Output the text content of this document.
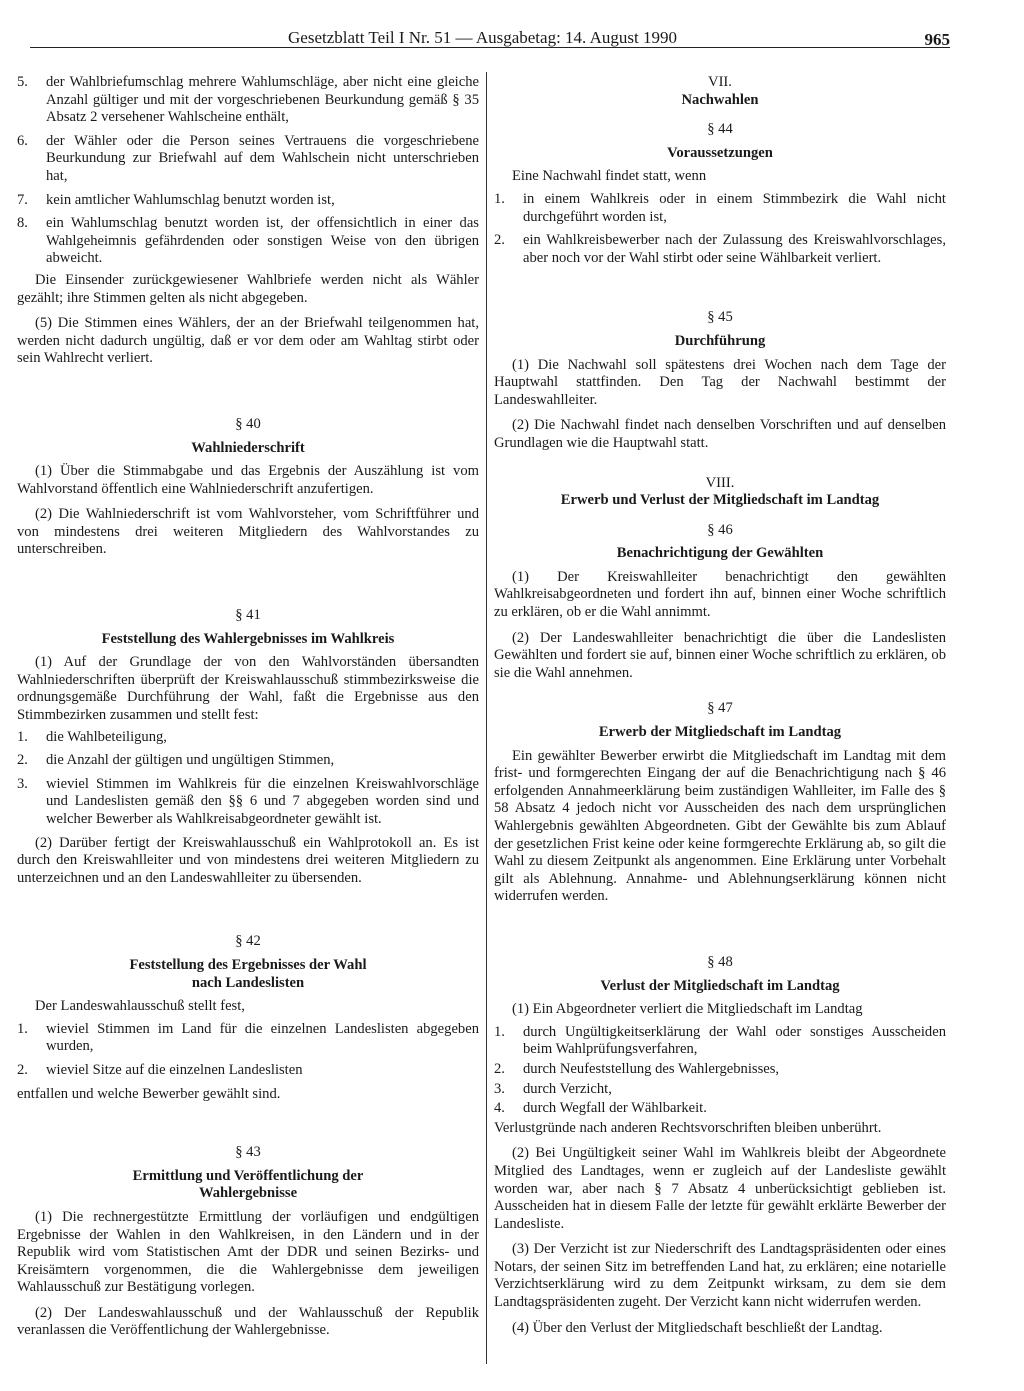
Gesetzblatt Teil I Nr. 51 — Ausgabetag: 14. August 1990	965
5. der Wahlbriefumschlag mehrere Wahlumschläge, aber nicht eine gleiche Anzahl gültiger und mit der vorgeschriebenen Beurkundung gemäß § 35 Absatz 2 versehener Wahlscheine enthält,
6. der Wähler oder die Person seines Vertrauens die vorgeschriebene Beurkundung zur Briefwahl auf dem Wahlschein nicht unterschrieben hat,
7. kein amtlicher Wahlumschlag benutzt worden ist,
8. ein Wahlumschlag benutzt worden ist, der offensichtlich in einer das Wahlgeheimnis gefährdenden oder sonstigen Weise von den übrigen abweicht.

Die Einsender zurückgewiesener Wahlbriefe werden nicht als Wähler gezählt; ihre Stimmen gelten als nicht abgegeben.

(5) Die Stimmen eines Wählers, der an der Briefwahl teilgenommen hat, werden nicht dadurch ungültig, daß er vor dem oder am Wahltag stirbt oder sein Wahlrecht verliert.

§ 40

Wahlniederschrift

(1) Über die Stimmabgabe und das Ergebnis der Auszählung ist vom Wahlvorstand öffentlich eine Wahlniederschrift anzufertigen.

(2) Die Wahlniederschrift ist vom Wahlvorsteher, vom Schriftführer und von mindestens drei weiteren Mitgliedern des Wahlvorstandes zu unterschreiben.

§ 41

Feststellung des Wahlergebnisses im Wahlkreis

(1) Auf der Grundlage der von den Wahlvorständen übersandten Wahlniederschriften überprüft der Kreiswahlausschuß stimmbezirksweise die ordnungsgemäße Durchführung der Wahl, faßt die Ergebnisse aus den Stimmbezirken zusammen und stellt fest:

1. die Wahlbeteiligung,
2. die Anzahl der gültigen und ungültigen Stimmen,
3. wieviel Stimmen im Wahlkreis für die einzelnen Kreiswahlvorschläge und Landeslisten gemäß den §§ 6 und 7 abgegeben worden sind und welcher Bewerber als Wahlkreisabgeordneter gewählt ist.

(2) Darüber fertigt der Kreiswahlausschuß ein Wahlprotokoll an. Es ist durch den Kreiswahlleiter und von mindestens drei weiteren Mitgliedern zu unterzeichnen und an den Landeswahlleiter zu übersenden.

§ 42

Feststellung des Ergebnisses der Wahl

nach Landeslisten

Der Landeswahlausschuß stellt fest,

1. wieviel Stimmen im Land für die einzelnen Landeslisten abgegeben wurden,
2. wieviel Sitze auf die einzelnen Landeslisten

entfallen und welche Bewerber gewählt sind.

§ 43

Ermittlung und Veröffentlichung der

Wahlergebnisse

(1) Die rechnergestützte Ermittlung der vorläufigen und endgültigen Ergebnisse der Wahlen in den Wahlkreisen, in den Ländern und in der Republik wird vom Statistischen Amt der DDR und seinen Bezirks- und Kreisämtern vorgenommen, die die Wahlergebnisse dem jeweiligen Wahlausschuß zur Bestätigung vorlegen.

(2) Der Landeswahlausschuß und der Wahlausschuß der Republik veranlassen die Veröffentlichung der Wahlergebnisse.

VII.

Nachwahlen

§ 44

Voraussetzungen

Eine Nachwahl findet statt, wenn

1. in einem Wahlkreis oder in einem Stimmbezirk die Wahl nicht durchgeführt worden ist,
2. ein Wahlkreisbewerber nach der Zulassung des Kreiswahlvorschlages, aber noch vor der Wahl stirbt oder seine Wählbarkeit verliert.

§ 45

Durchführung

(1) Die Nachwahl soll spätestens drei Wochen nach dem Tage der Hauptwahl stattfinden. Den Tag der Nachwahl bestimmt der Landeswahlleiter.

(2) Die Nachwahl findet nach denselben Vorschriften und auf denselben Grundlagen wie die Hauptwahl statt.

VIII.

Erwerb und Verlust der Mitgliedschaft im Landtag

§ 46

Benachrichtigung der Gewählten

(1) Der Kreiswahlleiter benachrichtigt den gewählten Wahlkreisabgeordneten und fordert ihn auf, binnen einer Woche schriftlich zu erklären, ob er die Wahl annimmt.

(2) Der Landeswahlleiter benachrichtigt die über die Landeslisten Gewählten und fordert sie auf, binnen einer Woche schriftlich zu erklären, ob sie die Wahl annehmen.

§ 47

Erwerb der Mitgliedschaft im Landtag

Ein gewählter Bewerber erwirbt die Mitgliedschaft im Landtag mit dem frist- und formgerechten Eingang der auf die Benachrichtigung nach § 46 erfolgenden Annahmeerklärung beim zuständigen Wahlleiter, im Falle des § 58 Absatz 4 jedoch nicht vor Ausscheiden des nach dem ursprünglichen Wahlergebnis gewählten Abgeordneten. Gibt der Gewählte bis zum Ablauf der gesetzlichen Frist keine oder keine formgerechte Erklärung ab, so gilt die Wahl zu diesem Zeitpunkt als angenommen. Eine Erklärung unter Vorbehalt gilt als Ablehnung. Annahme- und Ablehnungserklärung können nicht widerrufen werden.

§ 48

Verlust der Mitgliedschaft im Landtag

(1) Ein Abgeordneter verliert die Mitgliedschaft im Landtag

1. durch Ungültigkeitserklärung der Wahl oder sonstiges Ausscheiden beim Wahlprüfungsverfahren,
2. durch Neufeststellung des Wahlergebnisses,
3. durch Verzicht,
4. durch Wegfall der Wählbarkeit.

Verlustgründe nach anderen Rechtsvorschriften bleiben unberührt.

(2) Bei Ungültigkeit seiner Wahl im Wahlkreis bleibt der Abgeordnete Mitglied des Landtages, wenn er zugleich auf der Landesliste gewählt worden war, aber nach § 7 Absatz 4 unberücksichtigt geblieben ist. Ausscheiden hat in diesem Falle der letzte für gewählt erklärte Bewerber der Landesliste.

(3) Der Verzicht ist zur Niederschrift des Landtagspräsidenten oder eines Notars, der seinen Sitz im betreffenden Land hat, zu erklären; eine notarielle Verzichtserklärung wird zu dem Zeitpunkt wirksam, zu dem sie dem Landtagspräsidenten zugeht. Der Verzicht kann nicht widerrufen werden.

(4) Über den Verlust der Mitgliedschaft beschließt der Landtag.
